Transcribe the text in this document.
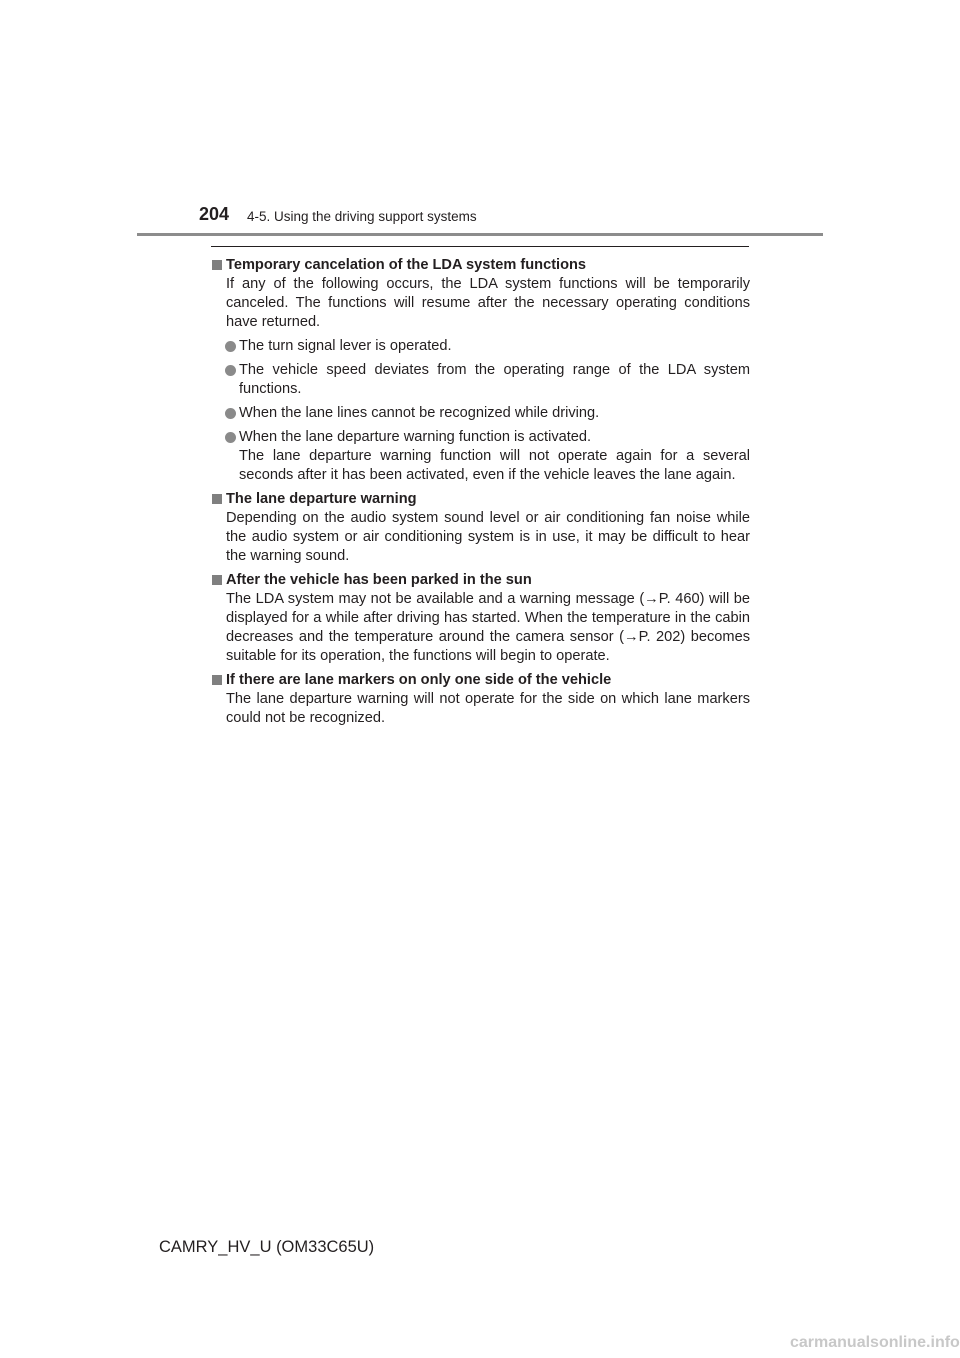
204 4-5. Using the driving support systems
Temporary cancelation of the LDA system functions
If any of the following occurs, the LDA system functions will be temporarily canceled. The functions will resume after the necessary operating conditions have returned.
The turn signal lever is operated.
The vehicle speed deviates from the operating range of the LDA system functions.
When the lane lines cannot be recognized while driving.
When the lane departure warning function is activated.
The lane departure warning function will not operate again for a several seconds after it has been activated, even if the vehicle leaves the lane again.
The lane departure warning
Depending on the audio system sound level or air conditioning fan noise while the audio system or air conditioning system is in use, it may be difficult to hear the warning sound.
After the vehicle has been parked in the sun
The LDA system may not be available and a warning message (→P. 460) will be displayed for a while after driving has started. When the temperature in the cabin decreases and the temperature around the camera sensor (→P. 202) becomes suitable for its operation, the functions will begin to operate.
If there are lane markers on only one side of the vehicle
The lane departure warning will not operate for the side on which lane markers could not be recognized.
CAMRY_HV_U (OM33C65U)
carmanualsonline.info
